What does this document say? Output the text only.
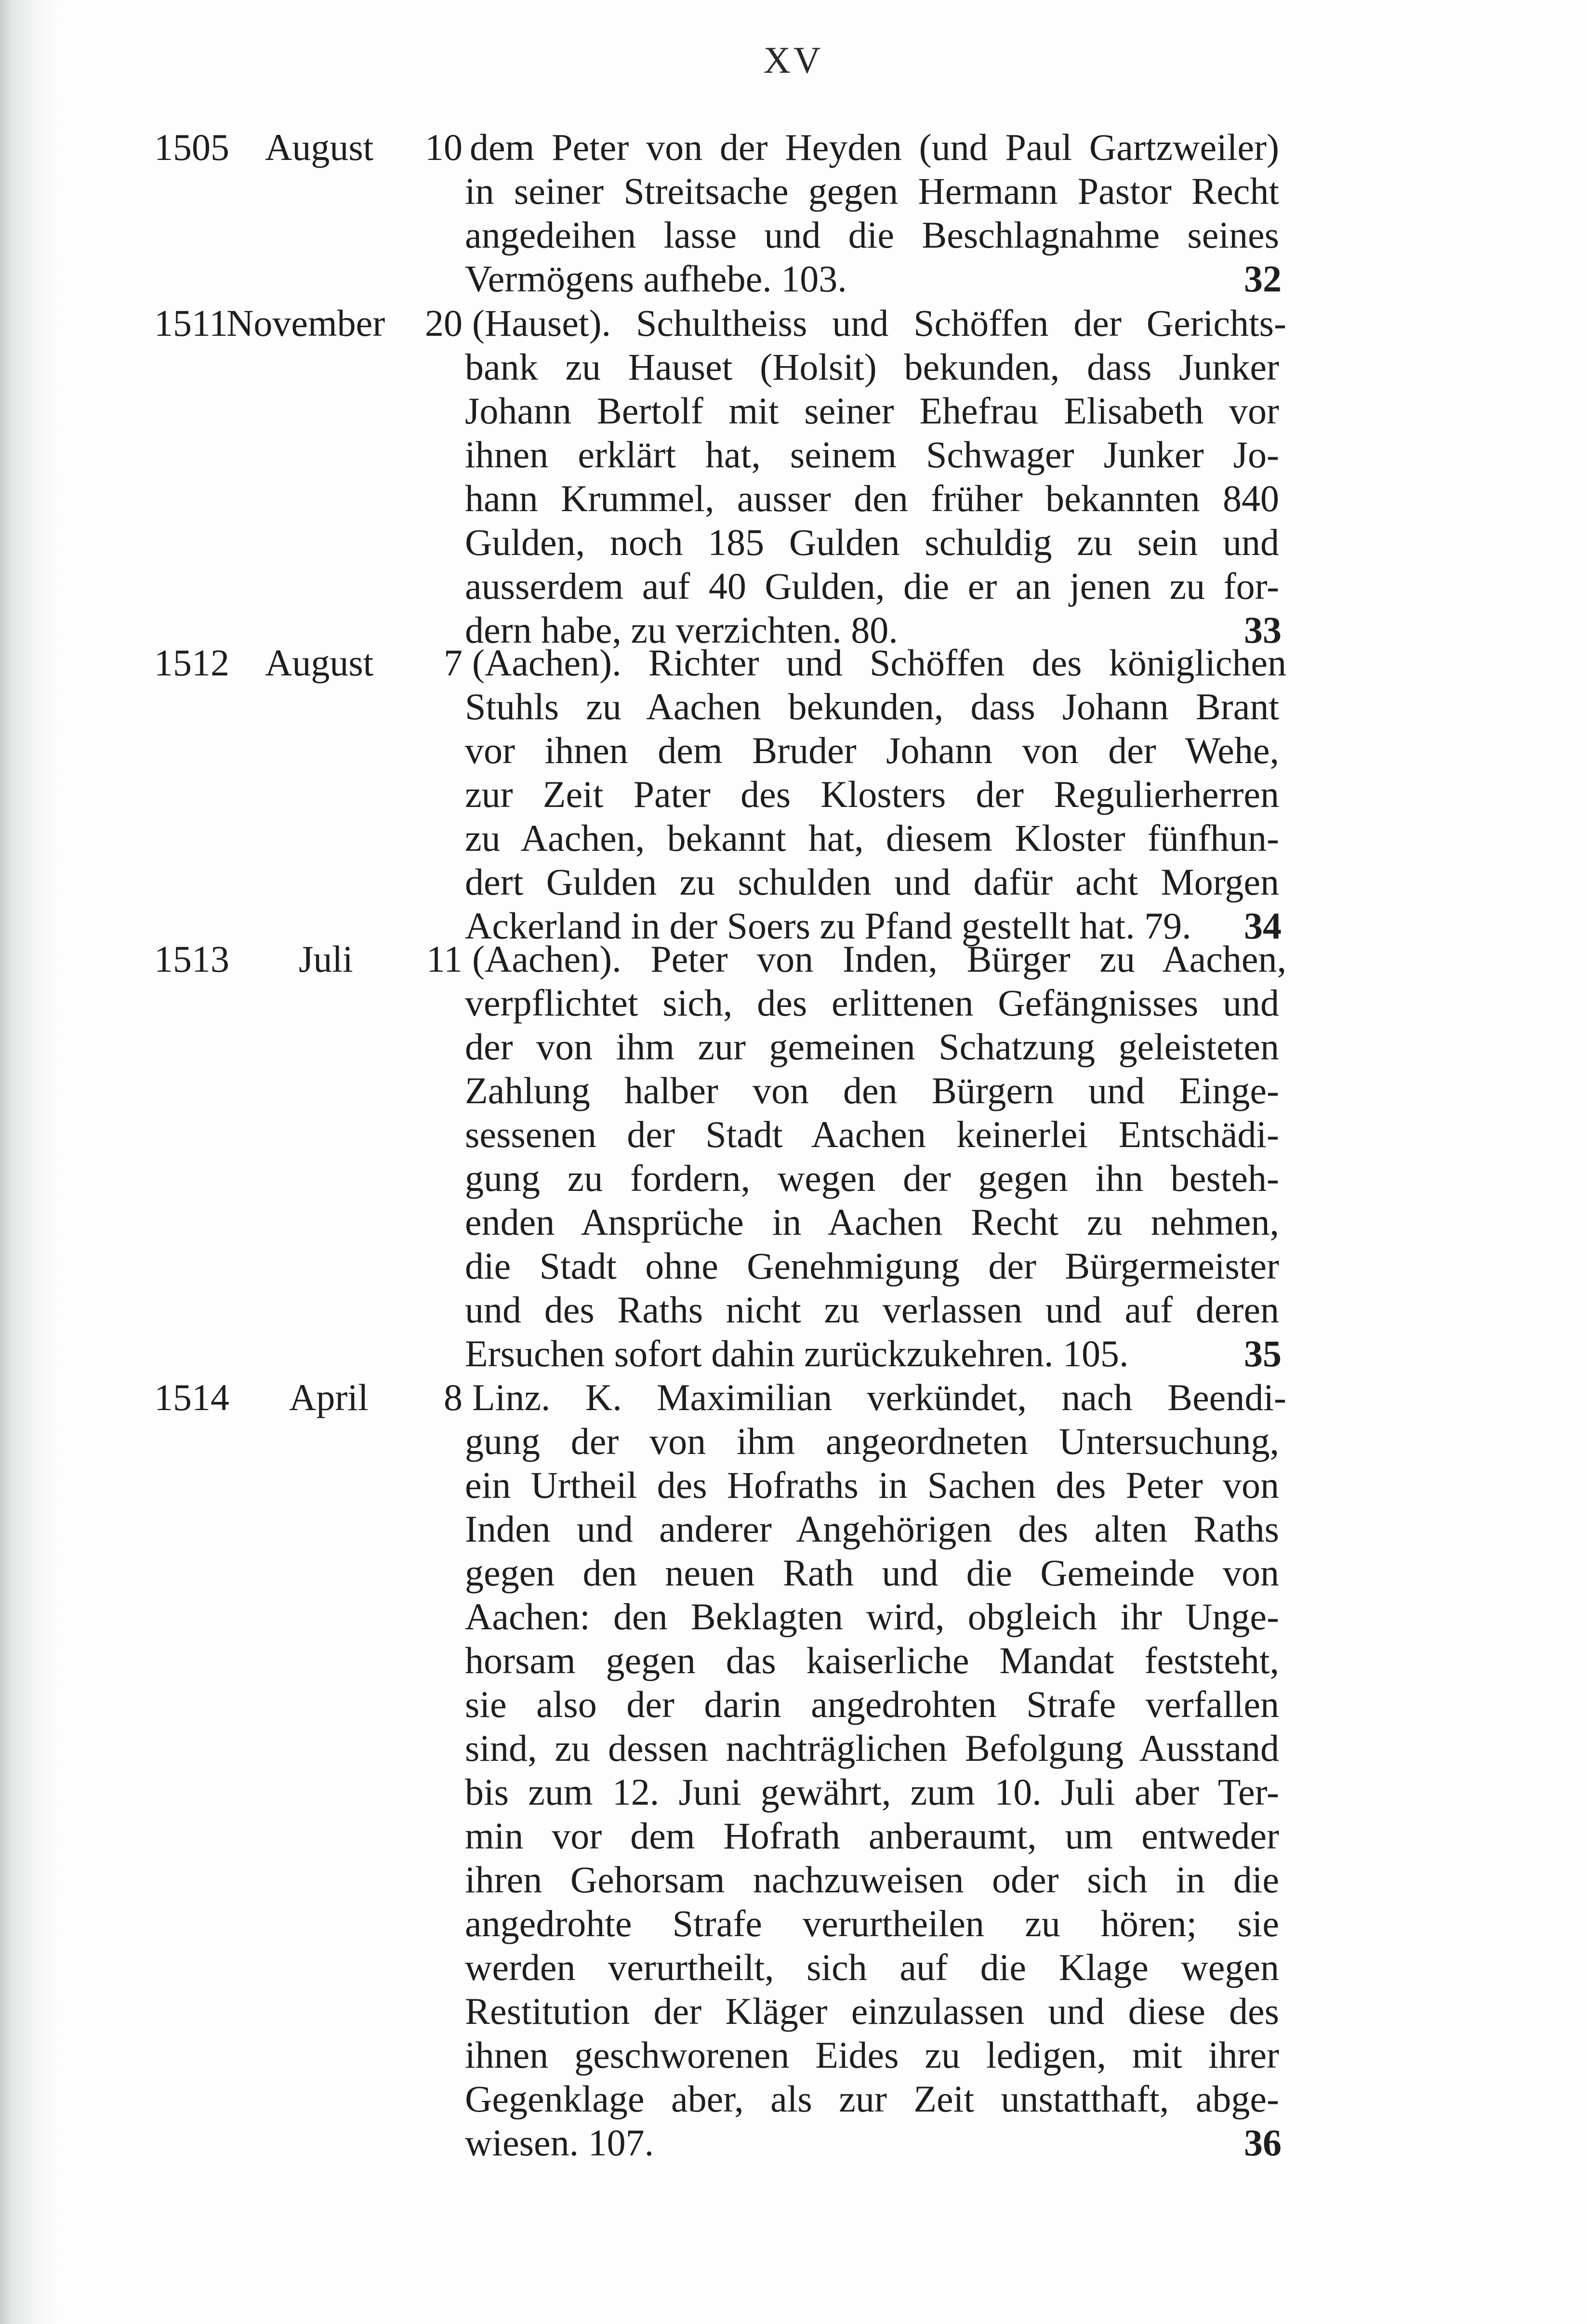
XV
1505 August 10 dem Peter von der Heyden (und Paul Gartzweiler)
in seiner Streitsache gegen Hermann Pastor Recht
angedeihen lasse und die Beschlagnahme seines
Vermögens aufhebe. 103.	32
1511
November 20 (Hauset). Schultheiss und Schöffen der Gerichts-
bank zu Hauset (Holsit) bekunden, dass Junker
Johann Bertolf mit seiner Ehefrau Elisabeth vor
ihnen erklärt hat, seinem Schwager Junker Jo-
hann Krummel, ausser den früher bekannten 840
Gulden, noch 185 Gulden schuldig zu sein und
ausserdem auf 40 Gulden, die er an jenen zu for-
dern habe, zu verzichten. 80.	33
1512 August 7 (Aachen). Richter und Schöffen des königlichen
Stuhls zu Aachen bekunden, dass Johann Brant
vor ihnen dem Bruder Johann von der Wehe,
zur Zeit Pater des Klosters der Regulierherren
zu Aachen, bekannt hat, diesem Kloster fünfhun-
dert Gulden zu schulden und dafür acht Morgen
Ackerland in der Soers zu Pfand gestellt hat. 79.	34
1513 Juli 11 (Aachen). Peter von Inden, Bürger zu Aachen,
verpflichtet sich, des erlittenen Gefängnisses und
der von ihm zur gemeinen Schatzung geleisteten
Zahlung halber von den Bürgern und Einge-
sessenen der Stadt Aachen keinerlei Entschädi-
gung zu fordern, wegen der gegen ihn besteh-
enden Ansprüche in Aachen Recht zu nehmen,
die Stadt ohne Genehmigung der Bürgermeister
und des Raths nicht zu verlassen und auf deren
Ersuchen sofort dahin zurückzukehren. 105.	35
1514 April 8 Linz. K. Maximilian verkündet, nach Beendi-
gung der von ihm angeordneten Untersuchung,
ein Urtheil des Hofraths in Sachen des Peter von
Inden und anderer Angehörigen des alten Raths
gegen den neuen Rath und die Gemeinde von
Aachen: den Beklagten wird, obgleich ihr Unge-
horsam gegen das kaiserliche Mandat feststeht,
sie also der darin angedrohten Strafe verfallen
sind, zu dessen nachträglichen Befolgung Ausstand
bis zum 12. Juni gewährt, zum 10. Juli aber Ter-
min vor dem Hofrath anberaumt, um entweder
ihren Gehorsam nachzuweisen oder sich in die
angedrohte Strafe verurtheilen zu hören; sie
werden verurtheilt, sich auf die Klage wegen
Restitution der Kläger einzulassen und diese des
ihnen geschworenen Eides zu ledigen, mit ihrer
Gegenklage aber, als zur Zeit unstatthaft, abge-
wiesen. 107.	36
